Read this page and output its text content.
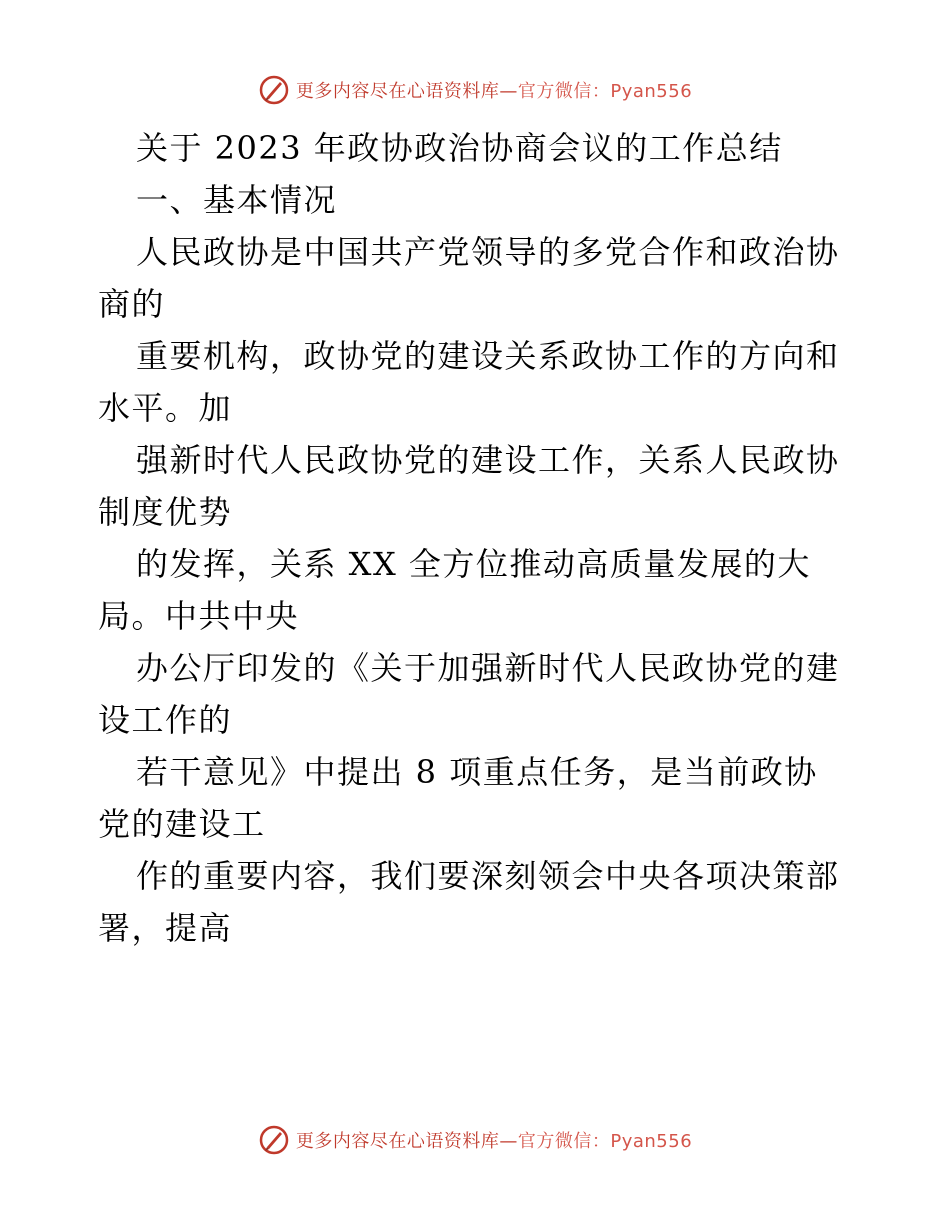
更多内容尽在心语资料库—官方微信：Pyan556
关于 2023 年政协政治协商会议的工作总结
一、基本情况
人民政协是中国共产党领导的多党合作和政治协
商的
重要机构，政协党的建设关系政协工作的方向和
水平。加
强新时代人民政协党的建设工作，关系人民政协
制度优势
的发挥，关系 XX 全方位推动高质量发展的大
局。中共中央
办公厅印发的《关于加强新时代人民政协党的建
设工作的
若干意见》中提出 8 项重点任务，是当前政协
党的建设工
作的重要内容，我们要深刻领会中央各项决策部
署，提高
更多内容尽在心语资料库—官方微信：Pyan556
